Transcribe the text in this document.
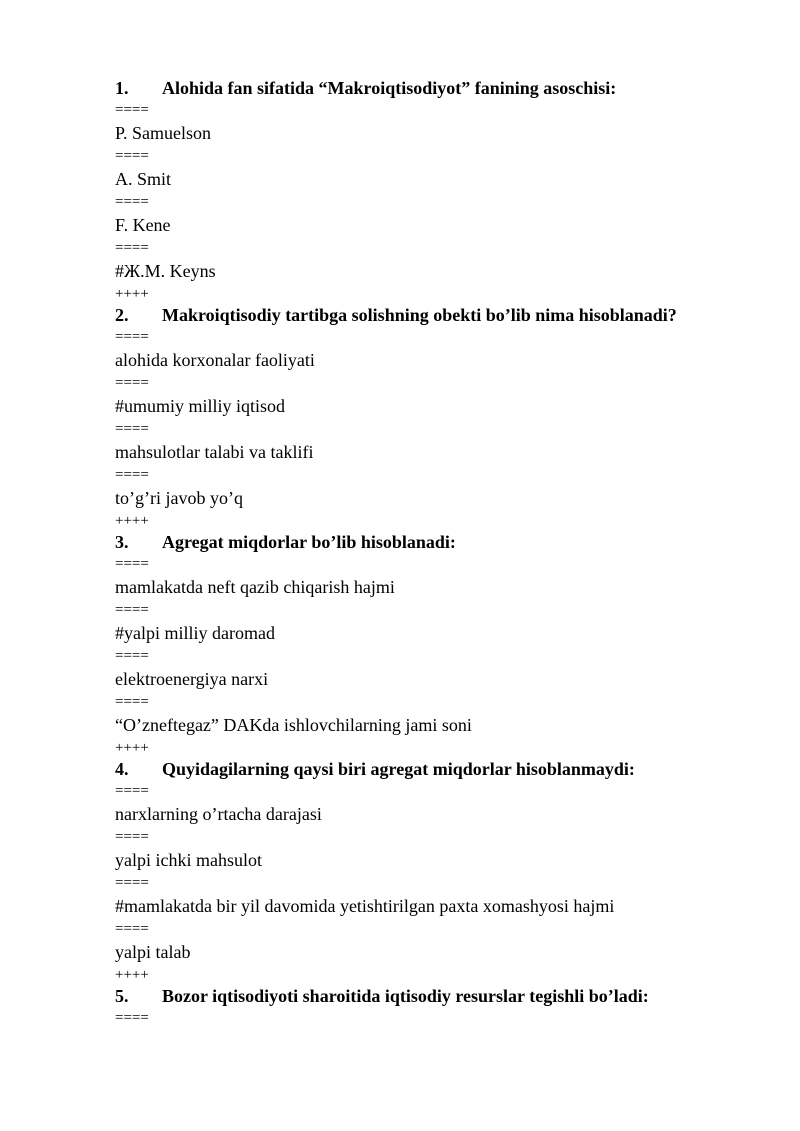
1. Alohida fan sifatida “Makroiqtisodiyot” fanining asoschisi:
====
P. Samuelson
====
A. Smit
====
F. Kene
====
#Ж.М. Keyns
++++
2. Makroiqtisodiy tartibga solishning obekti bo’lib nima hisoblanadi?
====
alohida korxonalar faoliyati
====
#umumiy milliy iqtisod
====
mahsulotlar talabi va taklifi
====
to’g’ri javob yo’q
++++
3. Agregat miqdorlar bo’lib hisoblanadi:
====
mamlakatda neft qazib chiqarish hajmi
====
#yalpi milliy daromad
====
elektroenergiya narxi
====
“O’zneftegaz” DAKda ishlovchilarning jami soni
++++
4. Quyidagilarning qaysi biri agregat miqdorlar hisoblanmaydi:
====
narxlarning o’rtacha darajasi
====
yalpi ichki mahsulot
====
#mamlakatda bir yil davomida yetishtirilgan paxta xomashyosi hajmi
====
yalpi talab
++++
5. Bozor iqtisodiyoti sharoitida iqtisodiy resurslar tegishli bo’ladi:
====
